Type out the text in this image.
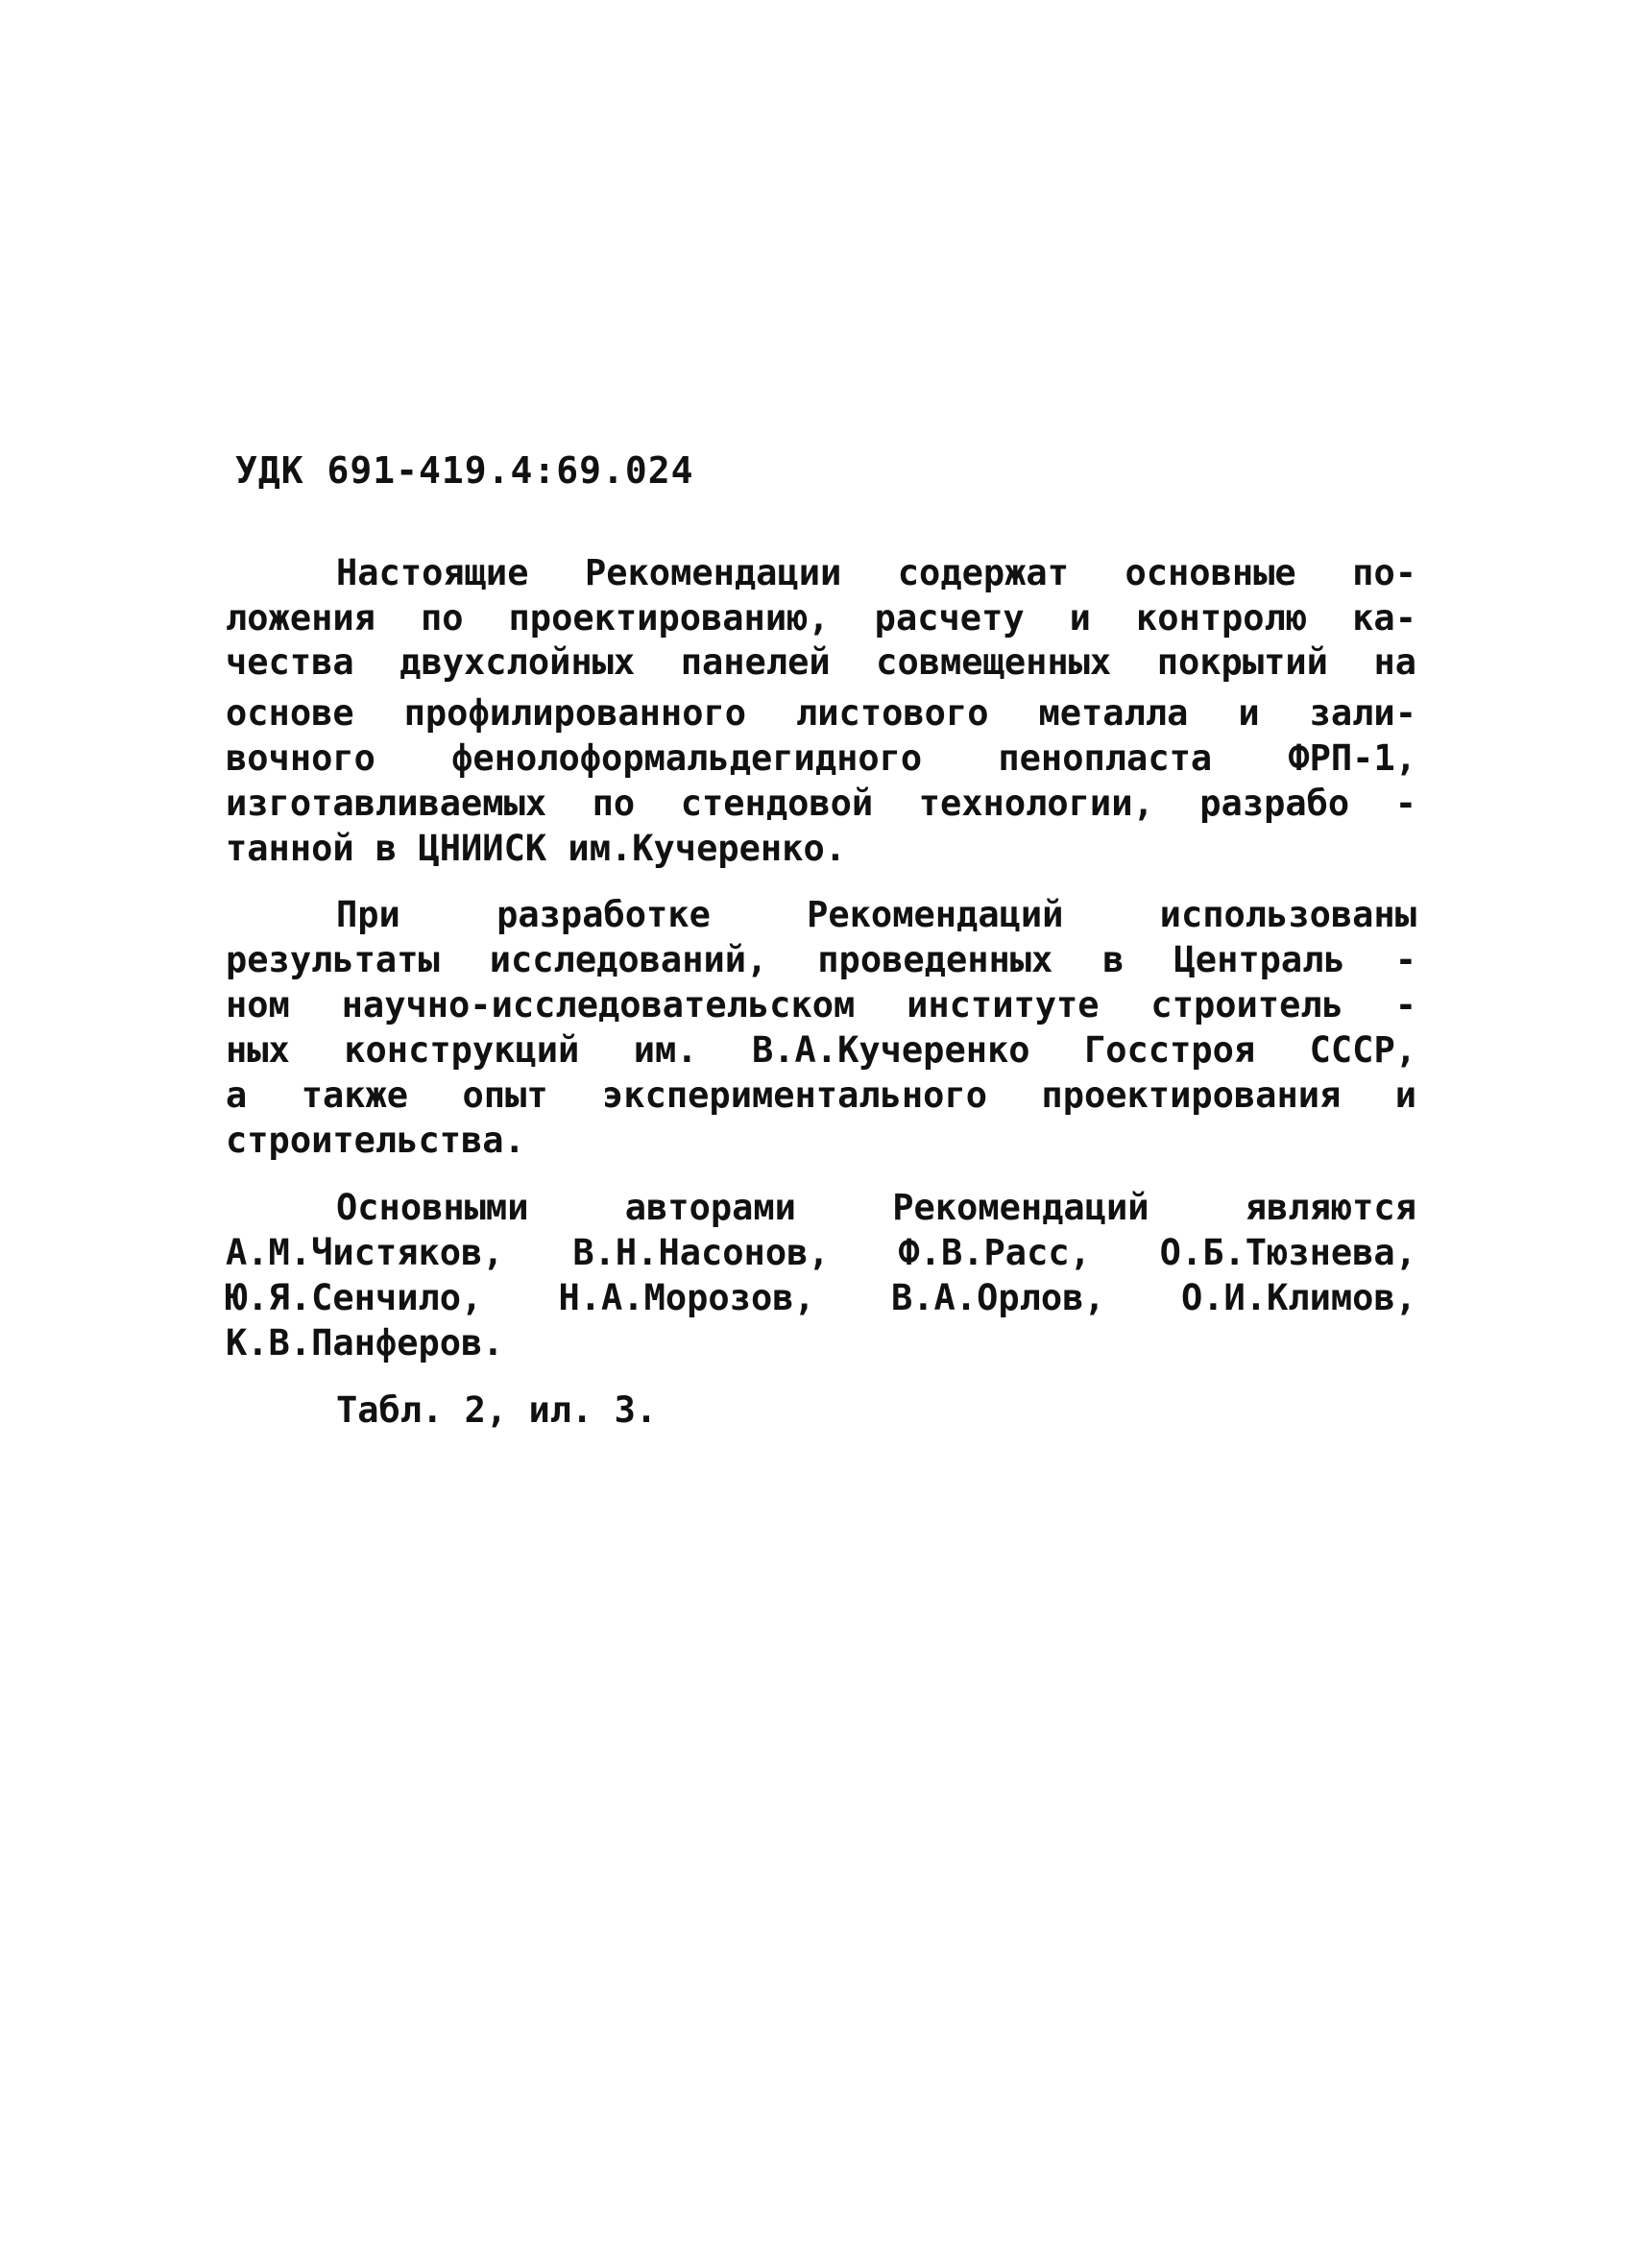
УДК 691-419.4:69.024
Настоящие Рекомендации содержат основные по-
ложения по проектированию, расчету и контролю ка-
чества двухслойных панелей совмещенных покрытий на
основе профилированного листового металла и зали-
вочного фенолоформальдегидного пенопласта ФРП-1,
изготавливаемых по стендовой технологии, разрабо -
танной в ЦНИИСК им.Кучеренко.
При разработке Рекомендаций использованы
результаты исследований, проведенных в Централь -
ном научно-исследовательском институте строитель -
ных конструкций им. В.А.Кучеренко Госстроя СССР,
а также опыт экспериментального проектирования и
строительства.
Основными авторами Рекомендаций являются
А.М.Чистяков, В.Н.Насонов, Ф.В.Расс, О.Б.Тюзнева,
Ю.Я.Сенчило, Н.А.Морозов, В.А.Орлов, О.И.Климов,
К.В.Панферов.
Табл. 2, ил. 3.
